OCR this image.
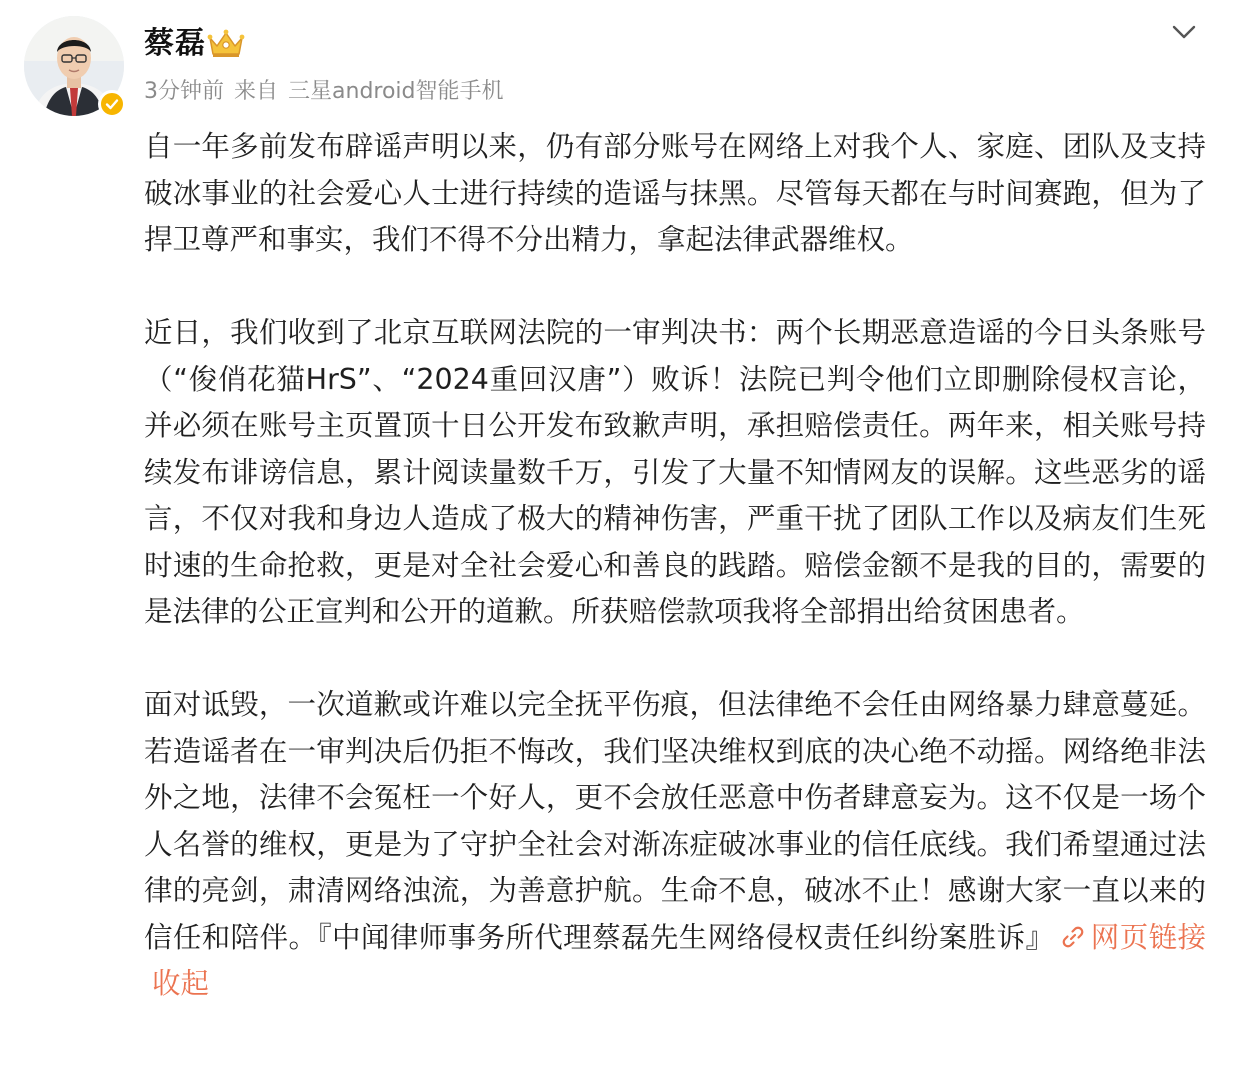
蔡磊
3分钟前 来自 三星android智能手机

自一年多前发布辟谣声明以来，仍有部分账号在网络上对我个人、家庭、团队及支持破冰事业的社会爱心人士进行持续的造谣与抹黑。尽管每天都在与时间赛跑，但为了捍卫尊严和事实，我们不得不分出精力，拿起法律武器维权。

近日，我们收到了北京互联网法院的一审判决书：两个长期恶意造谣的今日头条账号（“俊俏花猫HrS”、“2024重回汉唐”）败诉！法院已判令他们立即删除侵权言论，并必须在账号主页置顶十日公开发布致歉声明，承担赔偿责任。两年来，相关账号持续发布诽谤信息，累计阅读量数千万，引发了大量不知情网友的误解。这些恶劣的谣言，不仅对我和身边人造成了极大的精神伤害，严重干扰了团队工作以及病友们生死时速的生命抢救，更是对全社会爱心和善良的践踏。赔偿金额不是我的目的，需要的是法律的公正宣判和公开的道歉。所获赔偿款项我将全部捐出给贫困患者。

面对诋毁，一次道歉或许难以完全抚平伤痕，但法律绝不会任由网络暴力肆意蔓延。若造谣者在一审判决后仍拒不悔改，我们坚决维权到底的决心绝不动摇。网络绝非法外之地，法律不会冤枉一个好人，更不会放任恶意中伤者肆意妄为。这不仅是一场个人名誉的维权，更是为了守护全社会对渐冻症破冰事业的信任底线。我们希望通过法律的亮剑，肃清网络浊流，为善意护航。生命不息，破冰不止！感谢大家一直以来的信任和陪伴。『中闻律师事务所代理蔡磊先生网络侵权责任纠纷案胜诉』 网页链接收起
